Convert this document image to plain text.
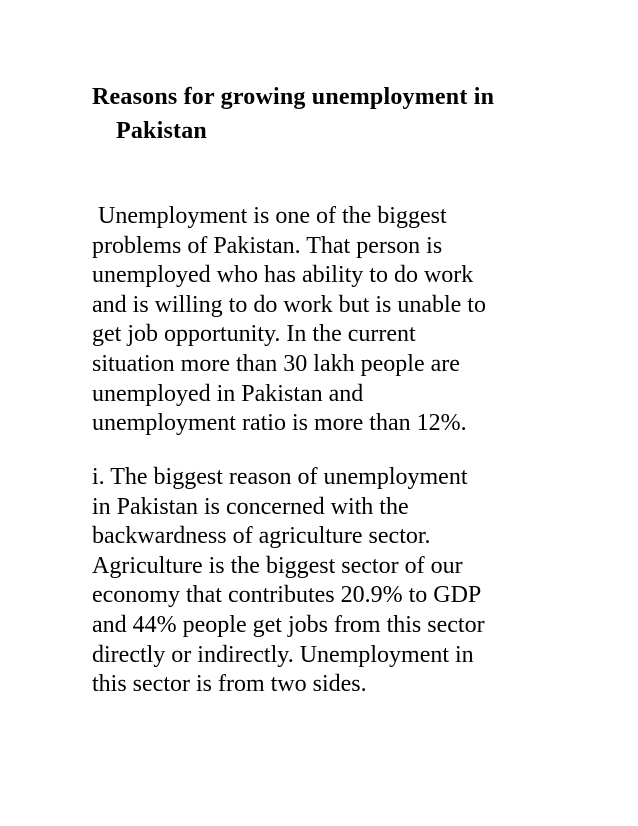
Reasons for growing unemployment in
Pakistan

Unemployment is one of the biggest
problems of Pakistan. That person is
unemployed who has ability to do work
and is willing to do work but is unable to
get job opportunity. In the current
situation more than 30 lakh people are
unemployed in Pakistan and
unemployment ratio is more than 12%.

i. The biggest reason of unemployment
in Pakistan is concerned with the
backwardness of agriculture sector.
Agriculture is the biggest sector of our
economy that contributes 20.9% to GDP
and 44% people get jobs from this sector
directly or indirectly. Unemployment in
this sector is from two sides.
